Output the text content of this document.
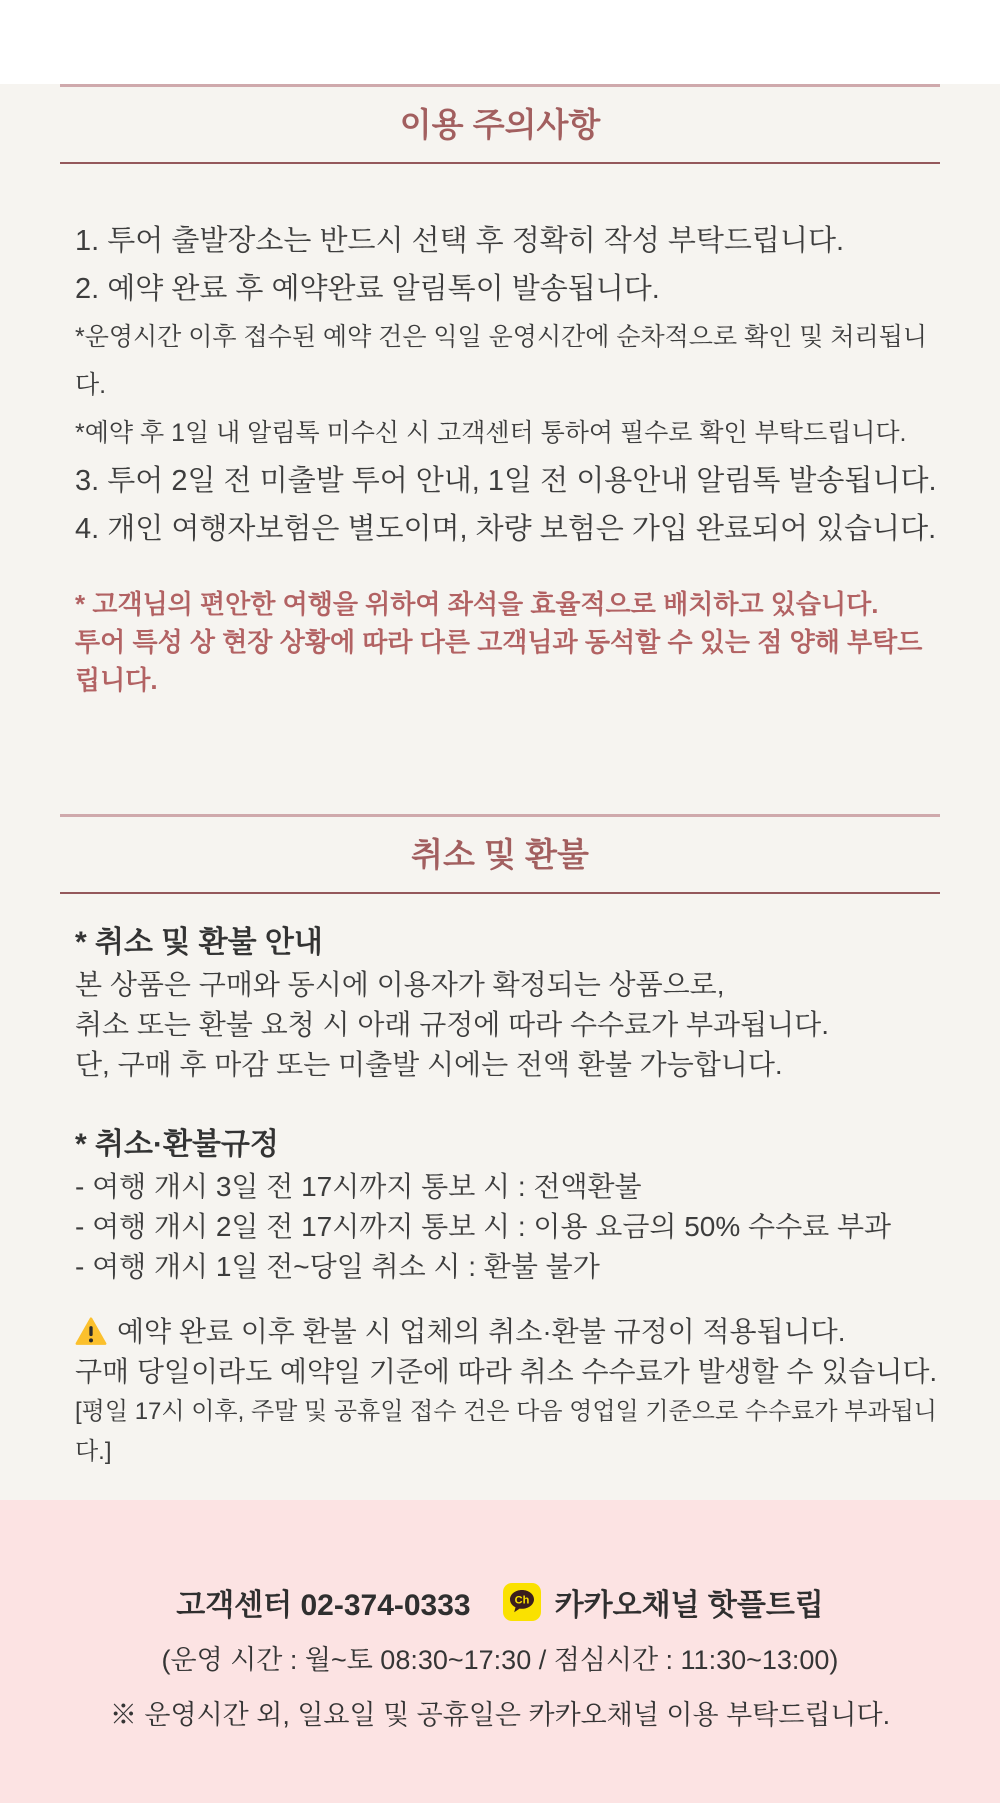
이용 주의사항

1. 투어 출발장소는 반드시 선택 후 정확히 작성 부탁드립니다.

2. 예약 완료 후 예약완료 알림톡이 발송됩니다.

*운영시간 이후 접수된 예약 건은 익일 운영시간에 순차적으로 확인 및 처리됩니다.

*예약 후 1일 내 알림톡 미수신 시 고객센터 통하여 필수로 확인 부탁드립니다.

3. 투어 2일 전 미출발 투어 안내, 1일 전 이용안내 알림톡 발송됩니다.

4. 개인 여행자보험은 별도이며, 차량 보험은 가입 완료되어 있습니다.

* 고객님의 편안한 여행을 위하여 좌석을 효율적으로 배치하고 있습니다.

투어 특성 상 현장 상황에 따라 다른 고객님과 동석할 수 있는 점 양해 부탁드립니다.

취소 및 환불

* 취소 및 환불 안내

본 상품은 구매와 동시에 이용자가 확정되는 상품으로,

취소 또는 환불 요청 시 아래 규정에 따라 수수료가 부과됩니다.

단, 구매 후 마감 또는 미출발 시에는 전액 환불 가능합니다.

* 취소·환불규정

- 여행 개시 3일 전 17시까지 통보 시 : 전액환불

- 여행 개시 2일 전 17시까지 통보 시 : 이용 요금의 50% 수수료 부과

- 여행 개시 1일 전~당일 취소 시 : 환불 불가

예약 완료 이후 환불 시 업체의 취소·환불 규정이 적용됩니다.

구매 당일이라도 예약일 기준에 따라 취소 수수료가 발생할 수 있습니다.

[평일 17시 이후, 주말 및 공휴일 접수 건은 다음 영업일 기준으로 수수료가 부과됩니다.]

고객센터 02-374-0333	Ch 카카오채널 핫플트립

(운영 시간 : 월~토 08:30~17:30 / 점심시간 : 11:30~13:00)

※ 운영시간 외, 일요일 및 공휴일은 카카오채널 이용 부탁드립니다.
